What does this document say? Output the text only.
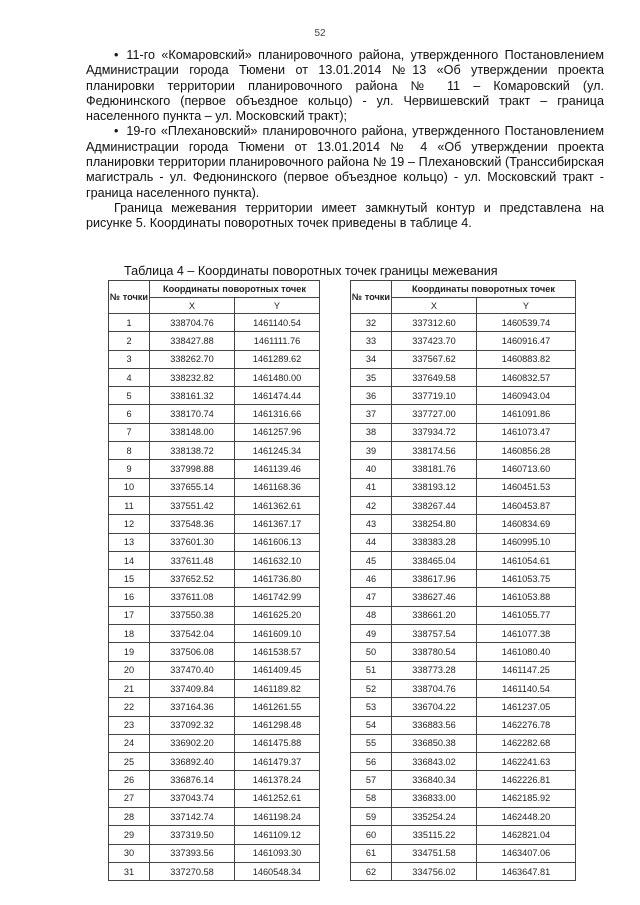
52

• 11-го «Комаровский» планировочного района, утвержденного Постановлением Администрации города Тюмени от 13.01.2014 №13 «Об утверждении проекта планировки территории планировочного района № 11 – Комаровский (ул. Федюнинского (первое объездное кольцо) - ул. Червишевский тракт – граница населенного пункта – ул. Московский тракт);

• 19-го «Плехановский» планировочного района, утвержденного Постановлением Администрации города Тюмени от 13.01.2014 № 4 «Об утверждении проекта планировки территории планировочного района № 19 – Плехановский (Транссибирская магистраль - ул. Федюнинского (первое объездное кольцо) - ул. Московский тракт - граница населенного пункта).

Граница межевания территории имеет замкнутый контур и представлена на рисунке 5. Координаты поворотных точек приведены в таблице 4.

Таблица 4 – Координаты поворотных точек границы межевания
№ точки	Координаты поворотных точек	
	X	Y
1	338704.76	1461140.54
2	338427.88	1461111.76
3	338262.70	1461289.62
4	338232.82	1461480.00
5	338161.32	1461474.44
6	338170.74	1461316.66
7	338148.00	1461257.96
8	338138.72	1461245.34
9	337998.88	1461139.46
10	337655.14	1461168.36
11	337551.42	1461362.61
12	337548.36	1461367.17
13	337601.30	1461606.13
14	337611.48	1461632.10
15	337652.52	1461736.80
16	337611.08	1461742.99
17	337550.38	1461625.20
18	337542.04	1461609.10
19	337506.08	1461538.57
20	337470.40	1461409.45
21	337409.84	1461189.82
22	337164.36	1461261.55
23	337092.32	1461298.48
24	336902.20	1461475.88
25	336892.40	1461479.37
26	336876.14	1461378.24
27	337043.74	1461252.61
28	337142.74	1461198.24
29	337319.50	1461109.12
30	337393.56	1461093.30
31	337270.58	1460548.34
№ точки	Координаты поворотных точек	
	X	Y
32	337312.60	1460539.74
33	337423.70	1460916.47
34	337567.62	1460883.82
35	337649.58	1460832.57
36	337719.10	1460943.04
37	337727.00	1461091.86
38	337934.72	1461073.47
39	338174.56	1460856.28
40	338181.76	1460713.60
41	338193.12	1460451.53
42	338267.44	1460453.87
43	338254.80	1460834.69
44	338383.28	1460995.10
45	338465.04	1461054.61
46	338617.96	1461053.75
47	338627.46	1461053.88
48	338661.20	1461055.77
49	338757.54	1461077.38
50	338780.54	1461080.40
51	338773.28	1461147.25
52	338704.76	1461140.54
53	336704.22	1461237.05
54	336883.56	1462276.78
55	336850.38	1462282.68
56	336843.02	1462241.63
57	336840.34	1462226.81
58	336833.00	1462185.92
59	335254.24	1462448.20
60	335115.22	1462821.04
61	334751.58	1463407.06
62	334756.02	1463647.81
